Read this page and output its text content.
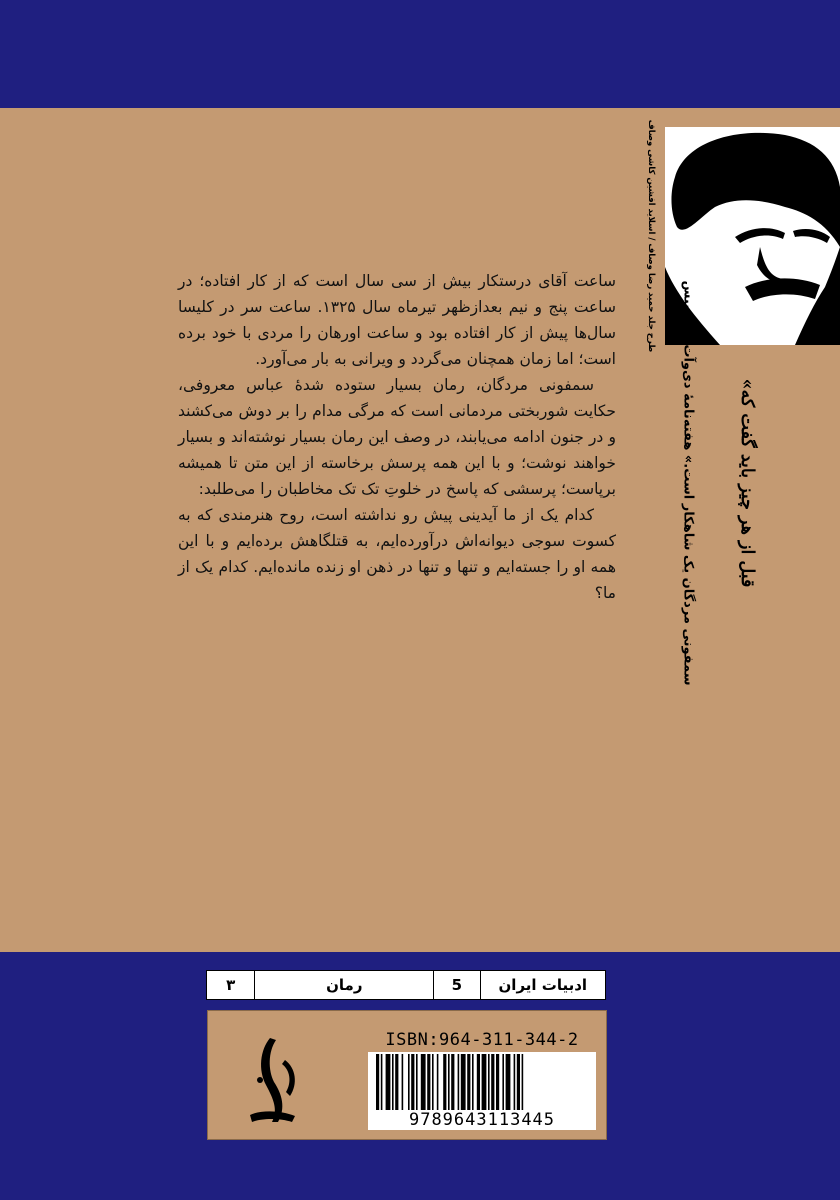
طرح جلد حمید رضا وصاف / اسلاید افشین کاشی وصاف
«قبل از هر چیز باید گفت که
سمفونی مردگان یک شاهکار است.» هفته‌نامهٔ دی‌وآت - سوییس

ساعت آقای درستکار بیش از سی سال است که از کار افتاده؛ در ساعت پنج و نیم بعدازظهر تیرماه سال ۱۳۲۵. ساعت سر در کلیسا سال‌ها پیش از کار افتاده بود و ساعت اورهان را مردی با خود برده است؛ اما زمان همچنان می‌گردد و ویرانی به بار می‌آورد.

سمفونی مردگان، رمان بسیار ستوده شدهٔ عباس معروفی، حکایت شوربختی مردمانی است که مرگی مدام را بر دوش می‌کشند و در جنون ادامه می‌یابند، در وصف این رمان بسیار نوشته‌اند و بسیار خواهند نوشت؛ و با این همه پرسش برخاسته از این متن تا همیشه برپاست؛ پرسشی که پاسخ در خلوتِ تک تک مخاطبان را می‌طلبد:

کدام یک از ما آیدینی پیش رو نداشته است، روح هنرمندی که به کسوت سوجی دیوانه‌اش درآورده‌ایم، به قتلگاهش برده‌ایم و با این همه او را جسته‌ایم و تنها و تنها در ذهن او زنده مانده‌ایم. کدام یک از ما؟

ادبیات ایران
5
رمان
۳
ISBN:964-311-344-2
9789643113445
